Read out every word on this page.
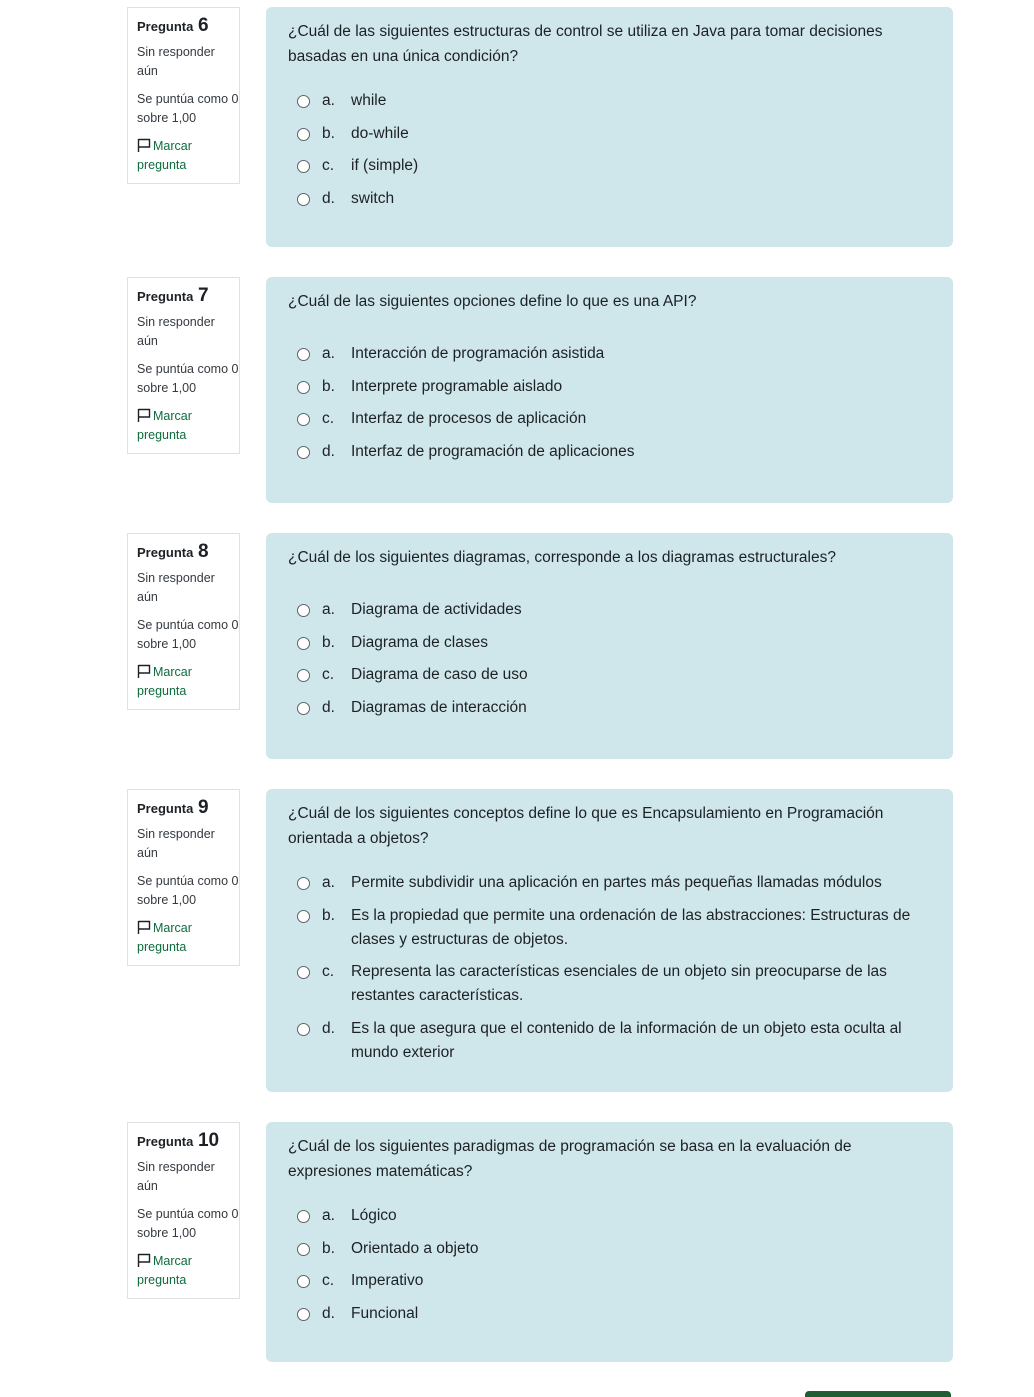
Pregunta 6
Sin responder aún
Se puntúa como 0 sobre 1,00
Marcar pregunta
¿Cuál de las siguientes estructuras de control se utiliza en Java para tomar decisiones basadas en una única condición?
a.	while
b.	do-while
c.	if (simple)
d.	switch
Pregunta 7
Sin responder aún
Se puntúa como 0 sobre 1,00
Marcar pregunta
¿Cuál de las siguientes opciones define lo que es una API?
a.	Interacción de programación asistida
b.	Interprete programable aislado
c.	Interfaz de procesos de aplicación
d.	Interfaz de programación de aplicaciones
Pregunta 8
Sin responder aún
Se puntúa como 0 sobre 1,00
Marcar pregunta
¿Cuál de los siguientes diagramas, corresponde a los diagramas estructurales?
a.	Diagrama de actividades
b.	Diagrama de clases
c.	Diagrama de caso de uso
d.	Diagramas de interacción
Pregunta 9
Sin responder aún
Se puntúa como 0 sobre 1,00
Marcar pregunta
¿Cuál de los siguientes conceptos define lo que es Encapsulamiento en Programación orientada a objetos?
a.	Permite subdividir una aplicación en partes más pequeñas llamadas módulos
b.	Es la propiedad que permite una ordenación de las abstracciones: Estructuras de clases y estructuras de objetos.
c.	Representa las características esenciales de un objeto sin preocuparse de las restantes características.
d.	Es la que asegura que el contenido de la información de un objeto esta oculta al mundo exterior
Pregunta 10
Sin responder aún
Se puntúa como 0 sobre 1,00
Marcar pregunta
¿Cuál de los siguientes paradigmas de programación se basa en la evaluación de expresiones matemáticas?
a.	Lógico
b.	Orientado a objeto
c.	Imperativo
d.	Funcional
